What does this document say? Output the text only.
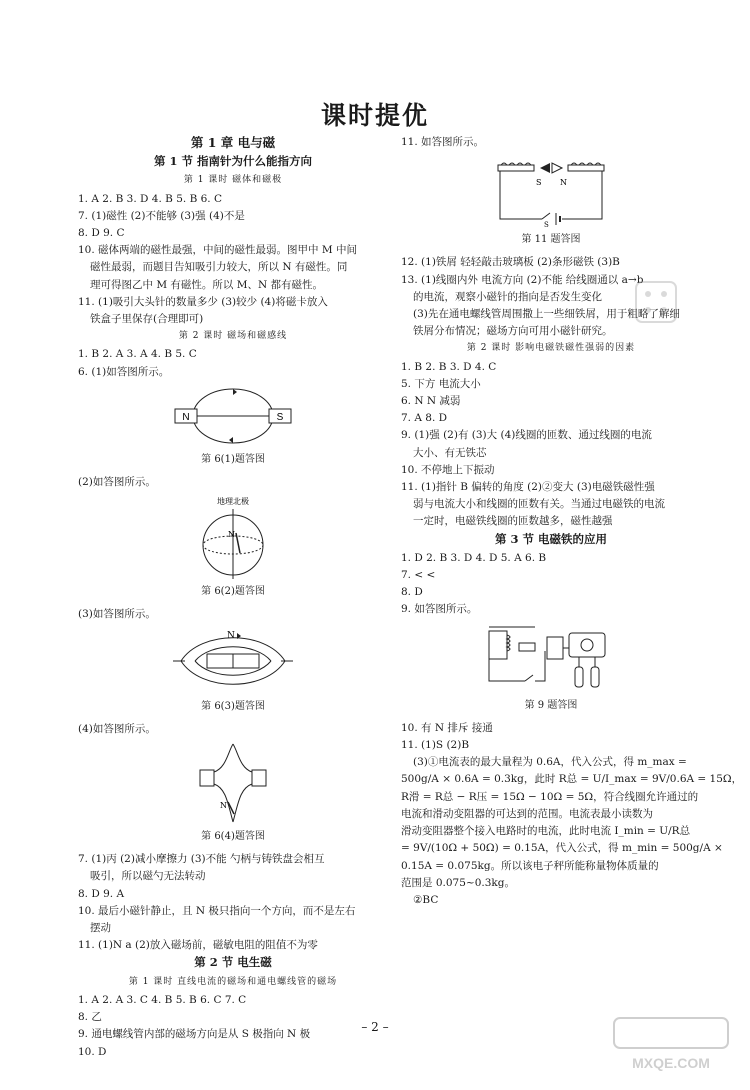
课时提优
第 1 章 电与磁
第 1 节 指南针为什么能指方向
第 1 课时 磁体和磁极
1. A 2. B 3. D 4. B 5. B 6. C
7. (1)磁性 (2)不能够 (3)强 (4)不是
8. D 9. C
10. 磁体两端的磁性最强，中间的磁性最弱。图甲中 M 中间
磁性最弱，而题目告知吸引力较大，所以 N 有磁性。同
理可得图乙中 M 有磁性。所以 M、N 都有磁性。
11. (1)吸引大头针的数量多少 (3)较少 (4)将磁卡放入
铁盒子里保存(合理即可)
第 2 课时 磁场和磁感线
1. B 2. A 3. A 4. B 5. C
6. (1)如答图所示。
N	S
第 6(1)题答图
(2)如答图所示。
地理北极
N
第 6(2)题答图
(3)如答图所示。
N
第 6(3)题答图
(4)如答图所示。
N
第 6(4)题答图
7. (1)丙 (2)减小摩擦力 (3)不能 勺柄与铸铁盘会相互
吸引，所以磁勺无法转动
8. D 9. A
10. 最后小磁针静止，且 N 极只指向一个方向，而不是左右
摆动
11. (1)N a (2)放入磁场前，磁敏电阻的阻值不为零
第 2 节 电生磁
第 1 课时 直线电流的磁场和通电螺线管的磁场
1. A 2. A 3. C 4. B 5. B 6. C 7. C
8. 乙
9. 通电螺线管内部的磁场方向是从 S 极指向 N 极
10. D
11. 如答图所示。
S N
S
第 11 题答图
12. (1)铁屑 轻轻敲击玻璃板 (2)条形磁铁 (3)B
13. (1)线圈内外 电流方向 (2)不能 给线圈通以 a→b
的电流，观察小磁针的指向是否发生变化
(3)先在通电螺线管周围撒上一些细铁屑，用于粗略了解细
铁屑分布情况；磁场方向可用小磁针研究。
第 2 课时 影响电磁铁磁性强弱的因素
1. B 2. B 3. D 4. C
5. 下方 电流大小
6. N N 减弱
7. A 8. D
9. (1)强 (2)有 (3)大 (4)线圈的匝数、通过线圈的电流
大小、有无铁芯
10. 不停地上下振动
11. (1)指针 B 偏转的角度 (2)②变大 (3)电磁铁磁性强
弱与电流大小和线圈的匝数有关。当通过电磁铁的电流
一定时，电磁铁线圈的匝数越多，磁性越强
第 3 节 电磁铁的应用
1. D 2. B 3. D 4. D 5. A 6. B
7. < <
8. D
9. 如答图所示。
第 9 题答图
10. 有 N 排斥 接通
11. (1)S (2)B
(3)①电流表的最大量程为 0.6A，代入公式，得 m_max =
500g/A × 0.6A = 0.3kg，此时 R总 = U/I_max = 9V/0.6A = 15Ω，
R滑 = R总 − R压 = 15Ω − 10Ω = 5Ω，符合线圈允许通过的
电流和滑动变阻器的可达到的范围。电流表最小读数为
滑动变阻器整个接入电路时的电流，此时电流 I_min = U/R总
= 9V/(10Ω + 50Ω) = 0.15A，代入公式，得 m_min = 500g/A ×
0.15A = 0.075kg。所以该电子秤所能称量物体质量的
范围是 0.075~0.3kg。
②BC
– 2 –
MXQE.COM
